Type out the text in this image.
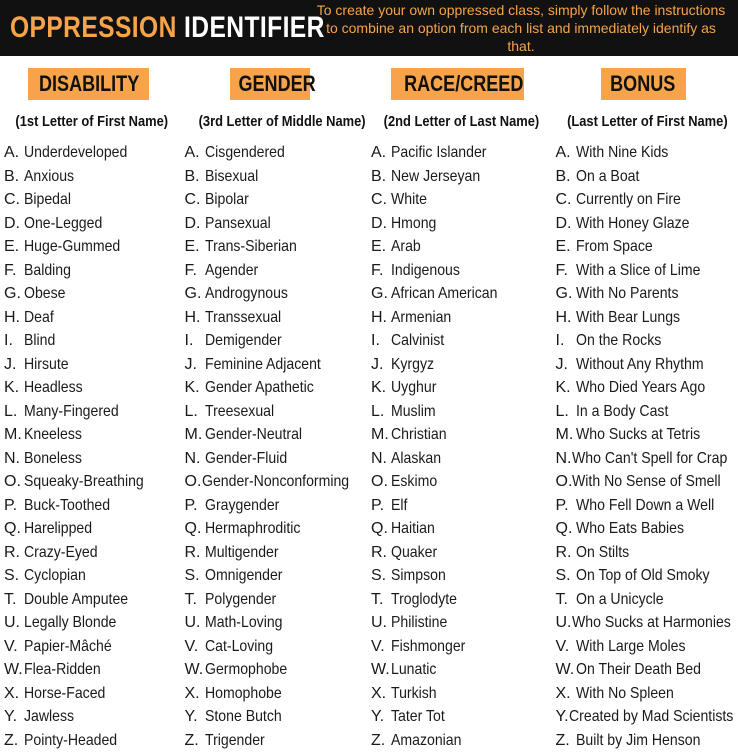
OPPRESSION IDENTIFIER
To create your own oppressed class, simply follow the instructions to combine an option from each list and immediately identify as that.
DISABILITY
(1st Letter of First Name)
A. Underdeveloped
B. Anxious
C. Bipedal
D. One-Legged
E. Huge-Gummed
F. Balding
G. Obese
H. Deaf
I. Blind
J. Hirsute
K. Headless
L. Many-Fingered
M. Kneeless
N. Boneless
O. Squeaky-Breathing
P. Buck-Toothed
Q. Harelipped
R. Crazy-Eyed
S. Cyclopian
T. Double Amputee
U. Legally Blonde
V. Papier-Mâché
W. Flea-Ridden
X. Horse-Faced
Y. Jawless
Z. Pointy-Headed
GENDER
(3rd Letter of Middle Name)
A. Cisgendered
B. Bisexual
C. Bipolar
D. Pansexual
E. Trans-Siberian
F. Agender
G. Androgynous
H. Transsexual
I. Demigender
J. Feminine Adjacent
K. Gender Apathetic
L. Treesexual
M. Gender-Neutral
N. Gender-Fluid
O. Gender-Nonconforming
P. Graygender
Q. Hermaphroditic
R. Multigender
S. Omnigender
T. Polygender
U. Math-Loving
V. Cat-Loving
W. Germophobe
X. Homophobe
Y. Stone Butch
Z. Trigender
RACE/CREED
(2nd Letter of Last Name)
A. Pacific Islander
B. New Jerseyan
C. White
D. Hmong
E. Arab
F. Indigenous
G. African American
H. Armenian
I. Calvinist
J. Kyrgyz
K. Uyghur
L. Muslim
M. Christian
N. Alaskan
O. Eskimo
P. Elf
Q. Haitian
R. Quaker
S. Simpson
T. Troglodyte
U. Philistine
V. Fishmonger
W. Lunatic
X. Turkish
Y. Tater Tot
Z. Amazonian
BONUS
(Last Letter of First Name)
A. With Nine Kids
B. On a Boat
C. Currently on Fire
D. With Honey Glaze
E. From Space
F. With a Slice of Lime
G. With No Parents
H. With Bear Lungs
I. On the Rocks
J. Without Any Rhythm
K. Who Died Years Ago
L. In a Body Cast
M. Who Sucks at Tetris
N. Who Can't Spell for Crap
O. With No Sense of Smell
P. Who Fell Down a Well
Q. Who Eats Babies
R. On Stilts
S. On Top of Old Smoky
T. On a Unicycle
U. Who Sucks at Harmonies
V. With Large Moles
W. On Their Death Bed
X. With No Spleen
Y. Created by Mad Scientists
Z. Built by Jim Henson
